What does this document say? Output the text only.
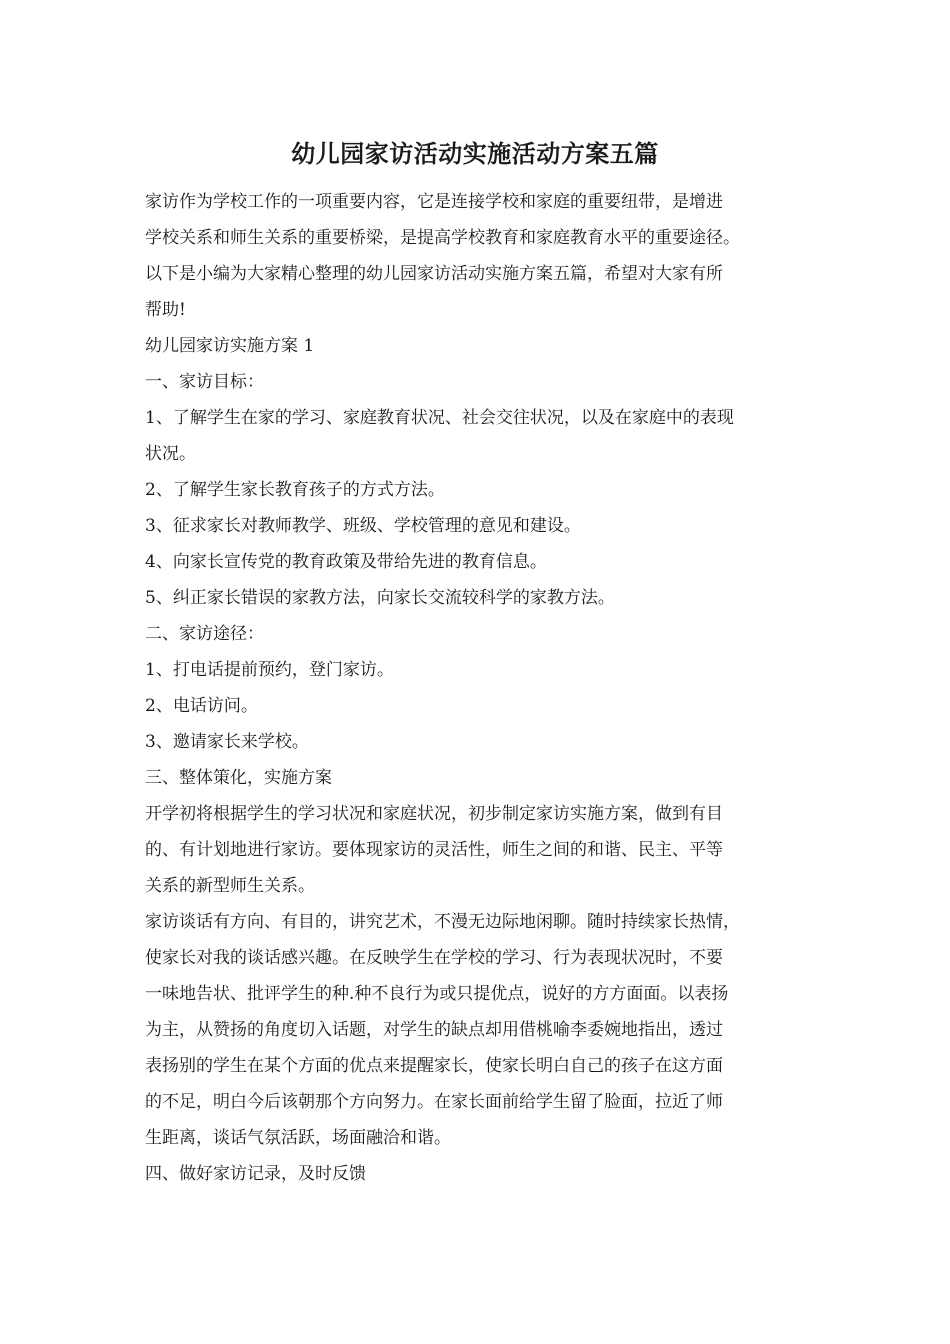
幼儿园家访活动实施活动方案五篇
家访作为学校工作的一项重要内容，它是连接学校和家庭的重要纽带，是增进
学校关系和师生关系的重要桥梁，是提高学校教育和家庭教育水平的重要途径。
以下是小编为大家精心整理的幼儿园家访活动实施方案五篇，希望对大家有所
帮助!
幼儿园家访实施方案 1
一、家访目标：
1、了解学生在家的学习、家庭教育状况、社会交往状况，以及在家庭中的表现
状况。
2、了解学生家长教育孩子的方式方法。
3、征求家长对教师教学、班级、学校管理的意见和建设。
4、向家长宣传党的教育政策及带给先进的教育信息。
5、纠正家长错误的家教方法，向家长交流较科学的家教方法。
二、家访途径：
1、打电话提前预约，登门家访。
2、电话访问。
3、邀请家长来学校。
三、整体策化，实施方案
开学初将根据学生的学习状况和家庭状况，初步制定家访实施方案，做到有目
的、有计划地进行家访。要体现家访的灵活性，师生之间的和谐、民主、平等
关系的新型师生关系。
家访谈话有方向、有目的，讲究艺术，不漫无边际地闲聊。随时持续家长热情，
使家长对我的谈话感兴趣。在反映学生在学校的学习、行为表现状况时，不要
一味地告状、批评学生的种.种不良行为或只提优点，说好的方方面面。以表扬
为主，从赞扬的角度切入话题，对学生的缺点却用借桃喻李委婉地指出，透过
表扬别的学生在某个方面的优点来提醒家长，使家长明白自己的孩子在这方面
的不足，明白今后该朝那个方向努力。在家长面前给学生留了脸面，拉近了师
生距离，谈话气氛活跃，场面融洽和谐。
四、做好家访记录，及时反馈
